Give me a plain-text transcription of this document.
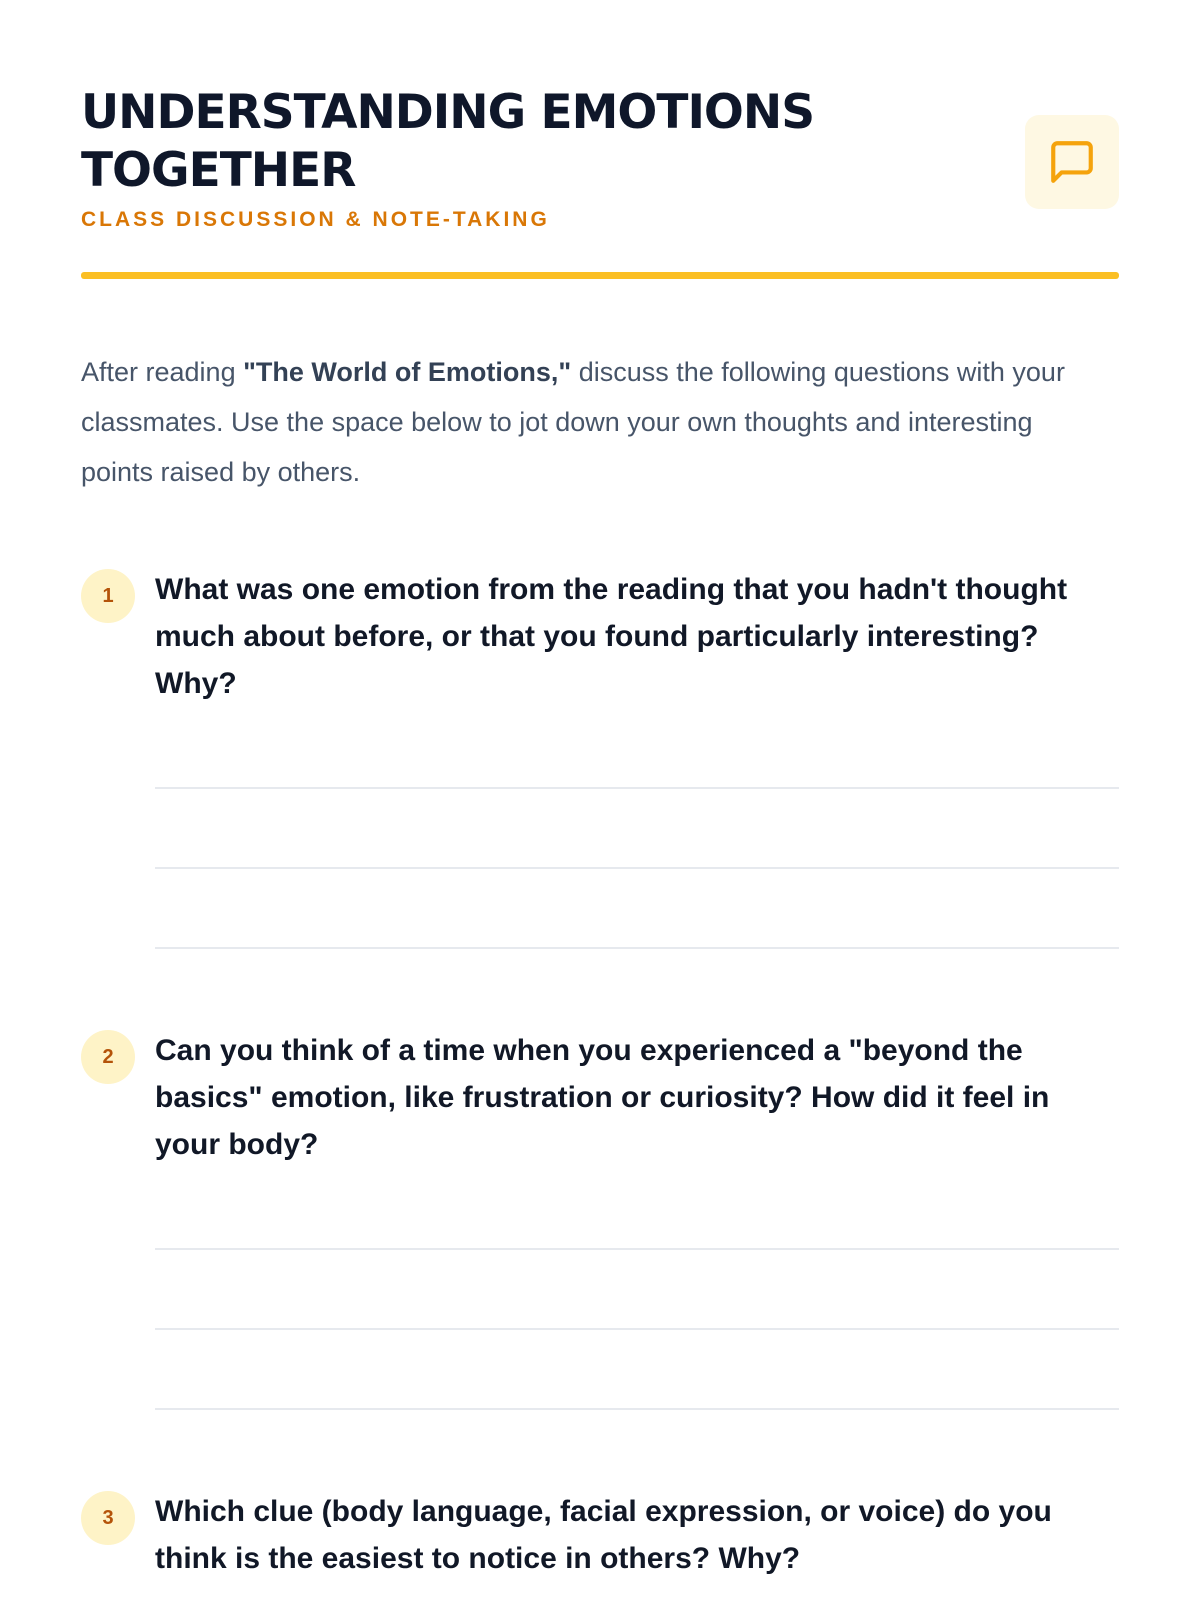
UNDERSTANDING EMOTIONS TOGETHER
CLASS DISCUSSION & NOTE-TAKING

After reading "The World of Emotions," discuss the following questions with your classmates. Use the space below to jot down your own thoughts and interesting points raised by others.

1	What was one emotion from the reading that you hadn't thought much about before, or that you found particularly interesting? Why?

2	Can you think of a time when you experienced a "beyond the basics" emotion, like frustration or curiosity? How did it feel in your body?

3	Which clue (body language, facial expression, or voice) do you think is the easiest to notice in others? Why?
